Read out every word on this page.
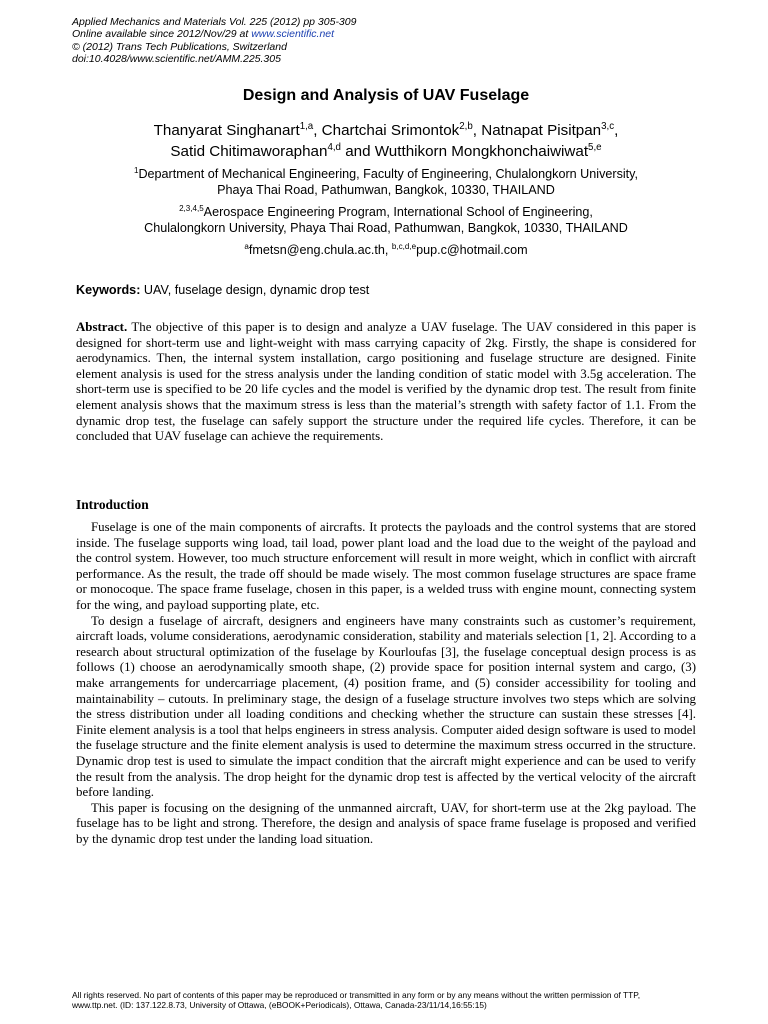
Applied Mechanics and Materials Vol. 225 (2012) pp 305-309
Online available since 2012/Nov/29 at www.scientific.net
© (2012) Trans Tech Publications, Switzerland
doi:10.4028/www.scientific.net/AMM.225.305
Design and Analysis of UAV Fuselage
Thanyarat Singhanart$^{1,a}$, Chartchai Srimontok$^{2,b}$, Natnapat Pisitpan$^{3,c}$,
Satid Chitimaworaphan$^{4,d}$ and Wutthikorn Mongkhonchaiwiwat$^{5,e}$
$^1$Department of Mechanical Engineering, Faculty of Engineering, Chulalongkorn University,
Phaya Thai Road, Pathumwan, Bangkok, 10330, THAILAND
$^{2,3,4,5}$Aerospace Engineering Program, International School of Engineering,
Chulalongkorn University, Phaya Thai Road, Pathumwan, Bangkok, 10330, THAILAND
$^a$fmetsn@eng.chula.ac.th, $^{b,c,d,e}$pup.c@hotmail.com
Keywords: UAV, fuselage design, dynamic drop test

Abstract. The objective of this paper is to design and analyze a UAV fuselage. The UAV considered in this paper is designed for short-term use and light-weight with mass carrying capacity of 2kg. Firstly, the shape is considered for aerodynamics. Then, the internal system installation, cargo positioning and fuselage structure are designed. Finite element analysis is used for the stress analysis under the landing condition of static model with 3.5g acceleration. The short-term use is specified to be 20 life cycles and the model is verified by the dynamic drop test. The result from finite element analysis shows that the maximum stress is less than the material’s strength with safety factor of 1.1. From the dynamic drop test, the fuselage can safely support the structure under the required life cycles. Therefore, it can be concluded that UAV fuselage can achieve the requirements.

Introduction

Fuselage is one of the main components of aircrafts. It protects the payloads and the control systems that are stored inside. The fuselage supports wing load, tail load, power plant load and the load due to the weight of the payload and the control system. However, too much structure enforcement will result in more weight, which in conflict with aircraft performance. As the result, the trade off should be made wisely. The most common fuselage structures are space frame or monocoque. The space frame fuselage, chosen in this paper, is a welded truss with engine mount, connecting system for the wing, and payload supporting plate, etc.

To design a fuselage of aircraft, designers and engineers have many constraints such as customer’s requirement, aircraft loads, volume considerations, aerodynamic consideration, stability and materials selection [1, 2]. According to a research about structural optimization of the fuselage by Kourloufas [3], the fuselage conceptual design process is as follows (1) choose an aerodynamically smooth shape, (2) provide space for position internal system and cargo, (3) make arrangements for undercarriage placement, (4) position frame, and (5) consider accessibility for tooling and maintainability – cutouts. In preliminary stage, the design of a fuselage structure involves two steps which are solving the stress distribution under all loading conditions and checking whether the structure can sustain these stresses [4]. Finite element analysis is a tool that helps engineers in stress analysis. Computer aided design software is used to model the fuselage structure and the finite element analysis is used to determine the maximum stress occurred in the structure. Dynamic drop test is used to simulate the impact condition that the aircraft might experience and can be used to verify the result from the analysis. The drop height for the dynamic drop test is affected by the vertical velocity of the aircraft before landing.

This paper is focusing on the designing of the unmanned aircraft, UAV, for short-term use at the 2kg payload. The fuselage has to be light and strong. Therefore, the design and analysis of space frame fuselage is proposed and verified by the dynamic drop test under the landing load situation.

All rights reserved. No part of contents of this paper may be reproduced or transmitted in any form or by any means without the written permission of TTP,
www.ttp.net. (ID: 137.122.8.73, University of Ottawa, (eBOOK+Periodicals), Ottawa, Canada-23/11/14,16:55:15)
